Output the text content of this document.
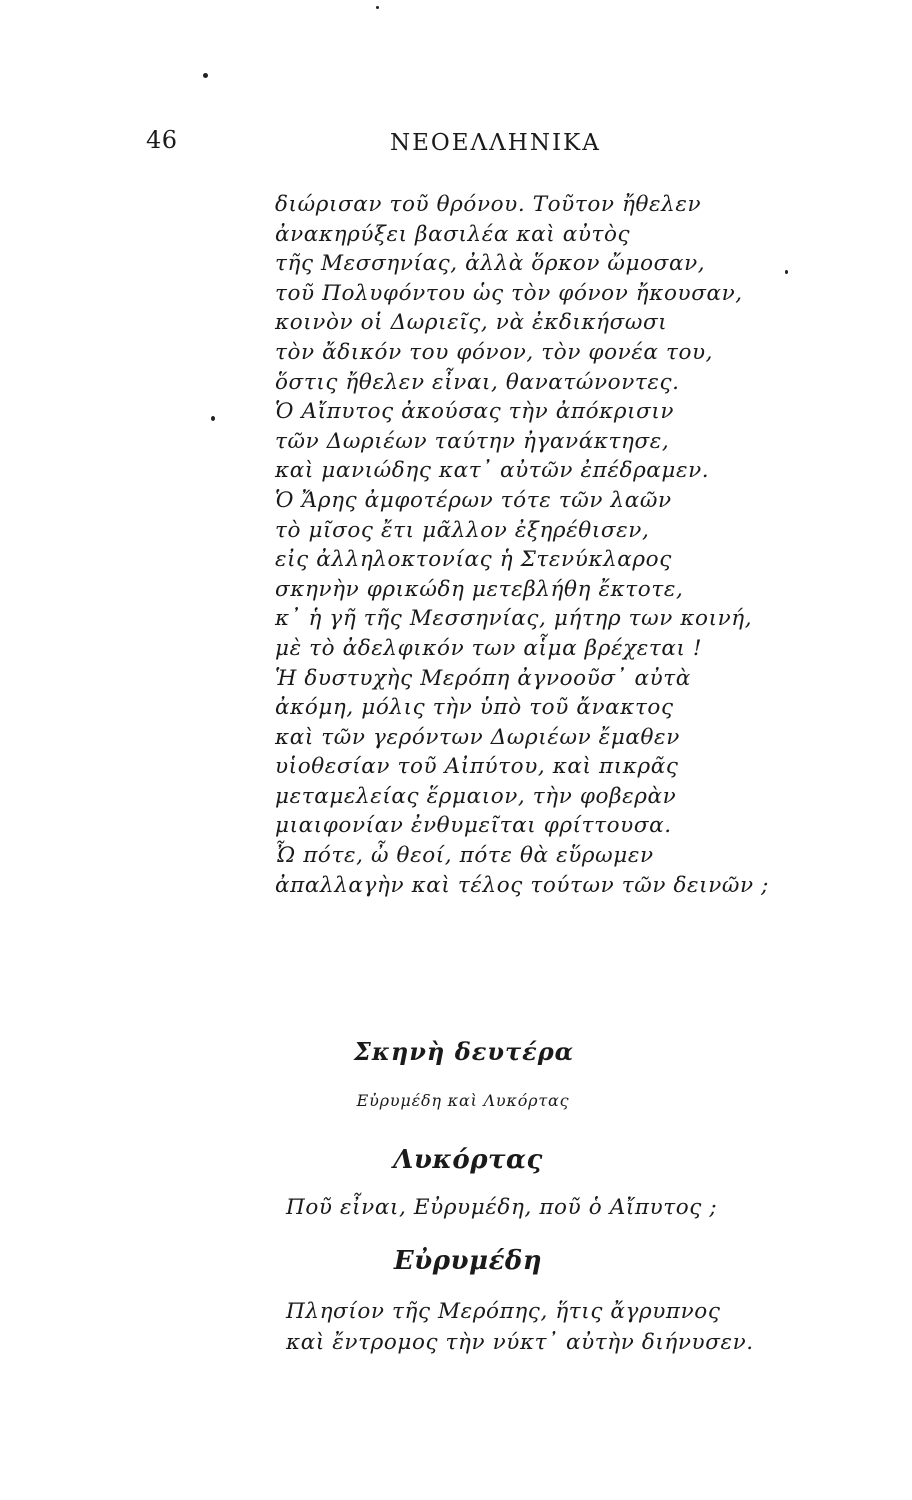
46	ΝΕΟΕΛΛΗΝΙΚΑ
διώρισαν τοῦ θρόνου. Τοῦτον ἤθελεν
ἀνακηρύξει βασιλέα καὶ αὐτὸς
τῆς Μεσσηνίας, ἀλλὰ ὅρκον ὤμοσαν,
τοῦ Πολυφόντου ὡς τὸν φόνον ἤκουσαν,
κοινὸν οἱ Δωριεῖς, νὰ ἐκδικήσωσι
τὸν ἄδικόν του φόνον, τὸν φονέα του,
ὅστις ἤθελεν εἶναι, θανατώνοντες.
Ὁ Αἴπυτος ἀκούσας τὴν ἀπόκρισιν
τῶν Δωριέων ταύτην ἠγανάκτησε,
καὶ μανιώδης κατ᾽ αὐτῶν ἐπέδραμεν.
Ὁ Ἄρης ἀμφοτέρων τότε τῶν λαῶν
τὸ μῖσος ἔτι μᾶλλον ἐξηρέθισεν,
εἰς ἀλληλοκτονίας ἡ Στενύκλαρος
σκηνὴν φρικώδη μετεβλήθη ἔκτοτε,
κ᾽ ἡ γῆ τῆς Μεσσηνίας, μήτηρ των κοινή,
μὲ τὸ ἀδελφικόν των αἷμα βρέχεται !
Ἡ δυστυχὴς Μερόπη ἀγνοοῦσ᾽ αὐτὰ
ἀκόμη, μόλις τὴν ὑπὸ τοῦ ἄνακτος
καὶ τῶν γερόντων Δωριέων ἔμαθεν
υἱοθεσίαν τοῦ Αἰπύτου, καὶ πικρᾶς
μεταμελείας ἕρμαιον, τὴν φοβερὰν
μιαιφονίαν ἐνθυμεῖται φρίττουσα.
Ὦ πότε, ὦ θεοί, πότε θὰ εὕρωμεν
ἀπαλλαγὴν καὶ τέλος τούτων τῶν δεινῶν ;
Σκηνὴ δευτέρα
Εὐρυμέδη καὶ Λυκόρτας
Λυκόρτας
Ποῦ εἶναι, Εὐρυμέδη, ποῦ ὁ Αἴπυτος ;
Εὐρυμέδη
Πλησίον τῆς Μερόπης, ἥτις ἄγρυπνος
καὶ ἔντρομος τὴν νύκτ᾽ αὐτὴν διήνυσεν.
